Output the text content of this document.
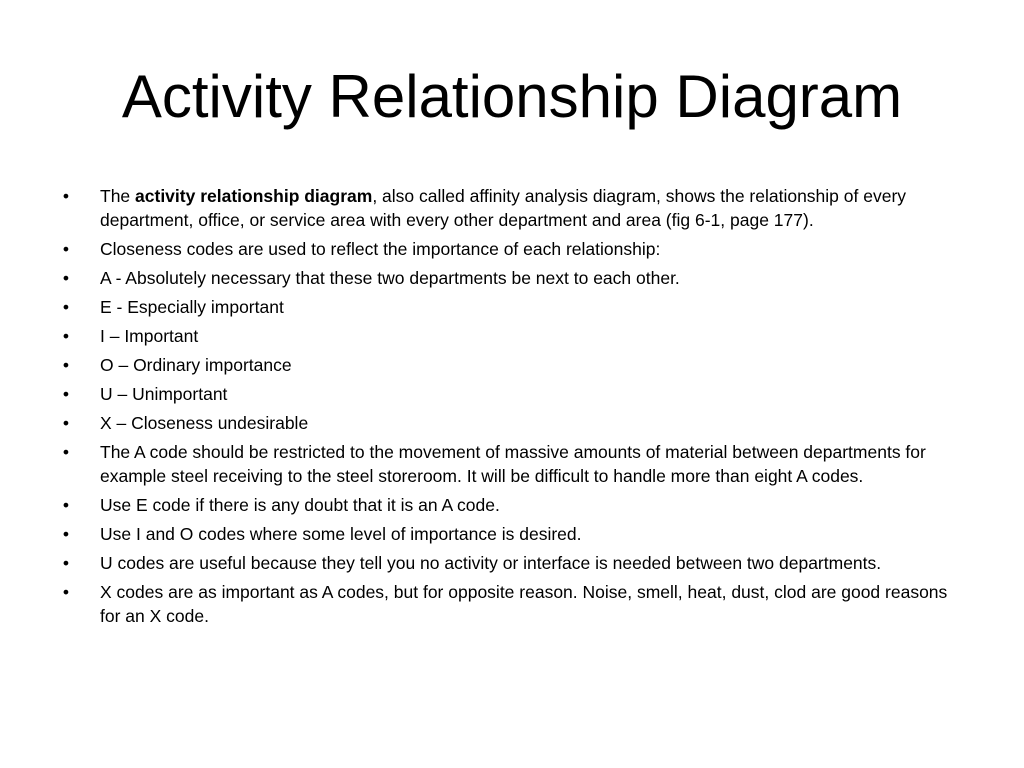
Activity Relationship Diagram
• The activity relationship diagram, also called affinity analysis diagram, shows the relationship of every department, office, or service area with every other department and area (fig 6-1, page 177).
• Closeness codes are used to reflect the importance of each relationship:
• A - Absolutely necessary that these two departments be next to each other.
• E - Especially important
• I – Important
• O – Ordinary importance
• U – Unimportant
• X – Closeness undesirable
• The A code should be restricted to the movement of massive amounts of material between departments for example steel receiving to the steel storeroom. It will be difficult to handle more than eight A codes.
• Use E code if there is any doubt that it is an A code.
• Use I and O codes where some level of importance is desired.
• U codes are useful because they tell you no activity or interface is needed between two departments.
• X codes are as important as A codes, but for opposite reason. Noise, smell, heat, dust, clod are good reasons for an X code.
